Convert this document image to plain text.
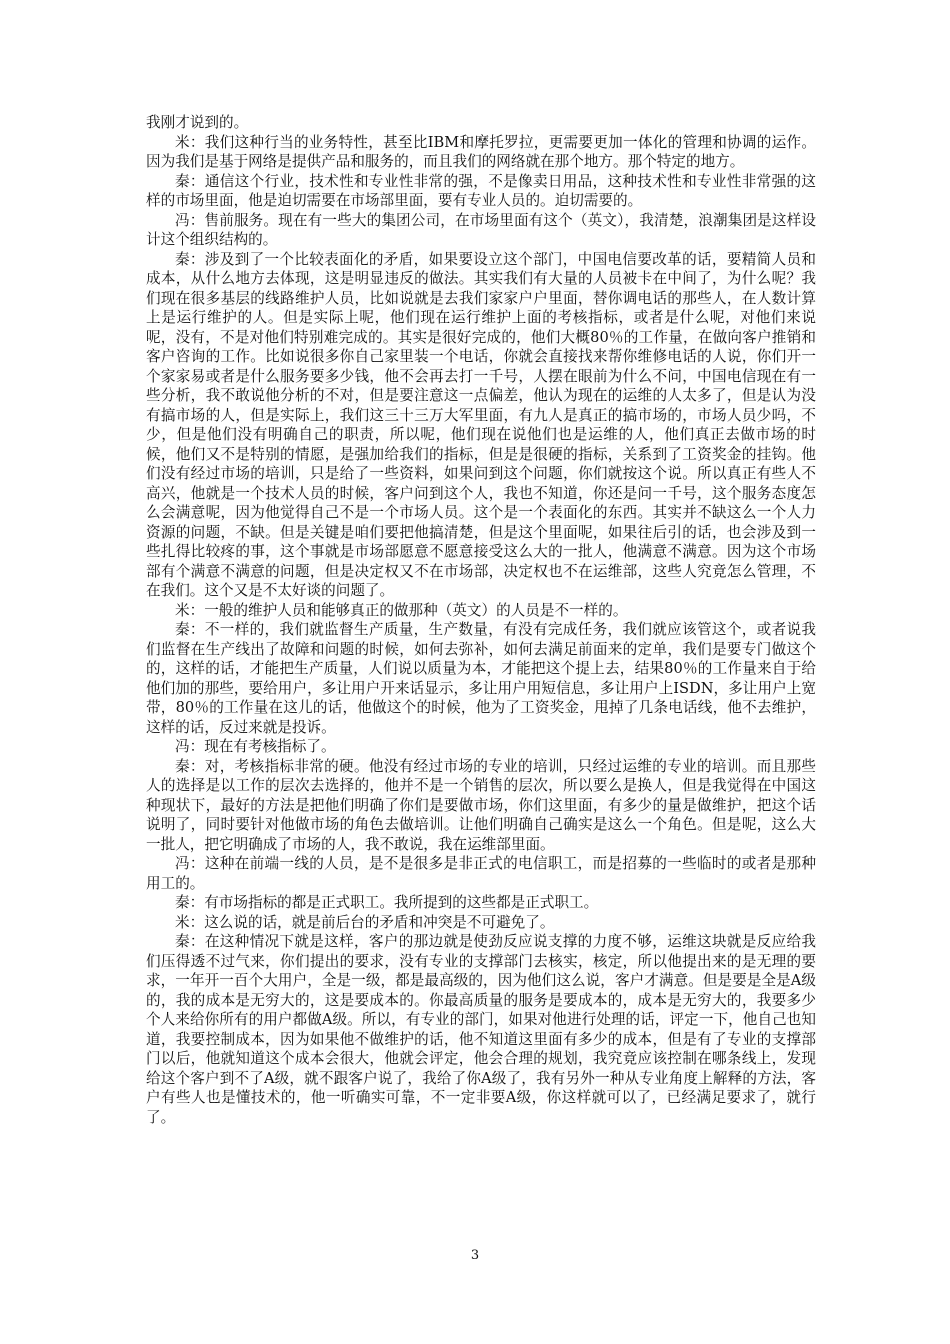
我刚才说到的。

米：我们这种行当的业务特性，甚至比IBM和摩托罗拉，更需要更加一体化的管理和协调的运作。因为我们是基于网络是提供产品和服务的，而且我们的网络就在那个地方。那个特定的地方。

秦：通信这个行业，技术性和专业性非常的强，不是像卖日用品，这种技术性和专业性非常强的这样的市场里面，他是迫切需要在市场部里面，要有专业人员的。迫切需要的。

冯：售前服务。现在有一些大的集团公司，在市场里面有这个（英文），我清楚，浪潮集团是这样设计这个组织结构的。

秦：涉及到了一个比较表面化的矛盾，如果要设立这个部门，中国电信要改革的话，要精简人员和成本，从什么地方去体现，这是明显违反的做法。其实我们有大量的人员被卡在中间了，为什么呢？我们现在很多基层的线路维护人员，比如说就是去我们家家户户里面，替你调电话的那些人，在人数计算上是运行维护的人。但是实际上呢，他们现在运行维护上面的考核指标，或者是什么呢，对他们来说呢，没有，不是对他们特别难完成的。其实是很好完成的，他们大概80％的工作量，在做向客户推销和客户咨询的工作。比如说很多你自己家里装一个电话，你就会直接找来帮你维修电话的人说，你们开一个家家易或者是什么服务要多少钱，他不会再去打一千号，人摆在眼前为什么不问，中国电信现在有一些分析，我不敢说他分析的不对，但是要注意这一点偏差，他认为现在的运维的人太多了，但是认为没有搞市场的人，但是实际上，我们这三十三万大军里面，有九人是真正的搞市场的，市场人员少吗，不少，但是他们没有明确自己的职责，所以呢，他们现在说他们也是运维的人，他们真正去做市场的时候，他们又不是特别的情愿，是强加给我们的指标，但是是很硬的指标，关系到了工资奖金的挂钩。他们没有经过市场的培训，只是给了一些资料，如果问到这个问题，你们就按这个说。所以真正有些人不高兴，他就是一个技术人员的时候，客户问到这个人，我也不知道，你还是问一千号，这个服务态度怎么会满意呢，因为他觉得自己不是一个市场人员。这个是一个表面化的东西。其实并不缺这么一个人力资源的问题，不缺。但是关键是咱们要把他搞清楚，但是这个里面呢，如果往后引的话，也会涉及到一些扎得比较疼的事，这个事就是市场部愿意不愿意接受这么大的一批人，他满意不满意。因为这个市场部有个满意不满意的问题，但是决定权又不在市场部，决定权也不在运维部，这些人究竟怎么管理，不在我们。这个又是不太好谈的问题了。

米：一般的维护人员和能够真正的做那种（英文）的人员是不一样的。

秦：不一样的，我们就监督生产质量，生产数量，有没有完成任务，我们就应该管这个，或者说我们监督在生产线出了故障和问题的时候，如何去弥补，如何去满足前面来的定单，我们是要专门做这个的，这样的话，才能把生产质量，人们说以质量为本，才能把这个提上去，结果80％的工作量来自于给他们加的那些，要给用户，多让用户开来话显示，多让用户用短信息，多让用户上ISDN，多让用户上宽带，80％的工作量在这儿的话，他做这个的时候，他为了工资奖金，甩掉了几条电话线，他不去维护，这样的话，反过来就是投诉。

冯：现在有考核指标了。

秦：对，考核指标非常的硬。他没有经过市场的专业的培训，只经过运维的专业的培训。而且那些人的选择是以工作的层次去选择的，他并不是一个销售的层次，所以要么是换人，但是我觉得在中国这种现状下，最好的方法是把他们明确了你们是要做市场，你们这里面，有多少的量是做维护，把这个话说明了，同时要针对他做市场的角色去做培训。让他们明确自己确实是这么一个角色。但是呢，这么大一批人，把它明确成了市场的人，我不敢说，我在运维部里面。

冯：这种在前端一线的人员，是不是很多是非正式的电信职工，而是招募的一些临时的或者是那种用工的。

秦：有市场指标的都是正式职工。我所提到的这些都是正式职工。

米：这么说的话，就是前后台的矛盾和冲突是不可避免了。

秦：在这种情况下就是这样，客户的那边就是使劲反应说支撑的力度不够，运维这块就是反应给我们压得透不过气来，你们提出的要求，没有专业的支撑部门去核实，核定，所以他提出来的是无理的要求，一年开一百个大用户，全是一级，都是最高级的，因为他们这么说，客户才满意。但是要是全是A级的，我的成本是无穷大的，这是要成本的。你最高质量的服务是要成本的，成本是无穷大的，我要多少个人来给你所有的用户都做A级。所以，有专业的部门，如果对他进行处理的话，评定一下，他自己也知道，我要控制成本，因为如果他不做维护的话，他不知道这里面有多少的成本，但是有了专业的支撑部门以后，他就知道这个成本会很大，他就会评定，他会合理的规划，我究竟应该控制在哪条线上，发现给这个客户到不了A级，就不跟客户说了，我给了你A级了，我有另外一种从专业角度上解释的方法，客户有些人也是懂技术的，他一听确实可靠，不一定非要A级，你这样就可以了，已经满足要求了，就行了。

3
